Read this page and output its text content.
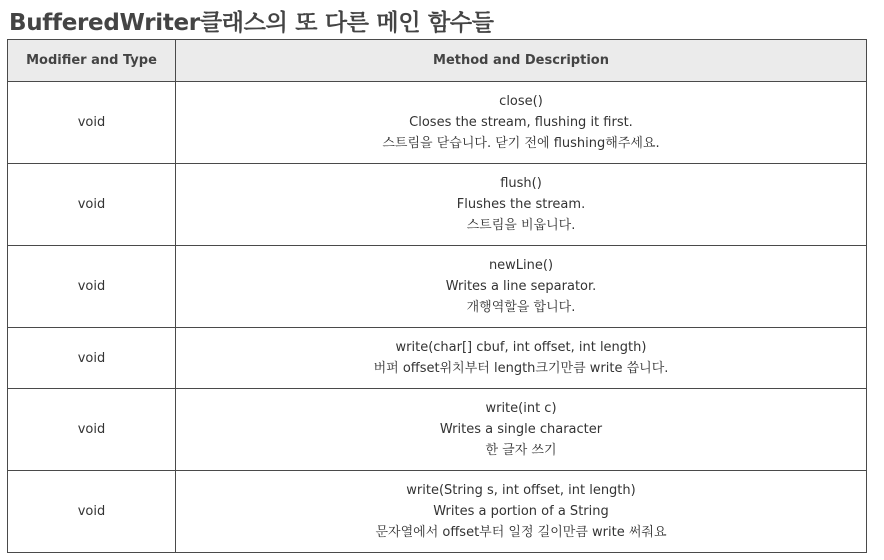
BufferedWriter클래스의 또 다른 메인 함수들
Modifier and Type	Method and Description
void	close()
Closes the stream, flushing it first.
스트림을 닫습니다. 닫기 전에 flushing해주세요.

void	flush()
Flushes the stream.
스트림을 비웁니다.

void	newLine()
Writes a line separator.
개행역할을 합니다.

void	write(char[] cbuf, int offset, int length)
버퍼 offset위치부터 length크기만큼 write 씁니다.

void	write(int c)
Writes a single character
한 글자 쓰기

void	write(String s, int offset, int length)
Writes a portion of a String
문자열에서 offset부터 일정 길이만큼 write 써줘요
